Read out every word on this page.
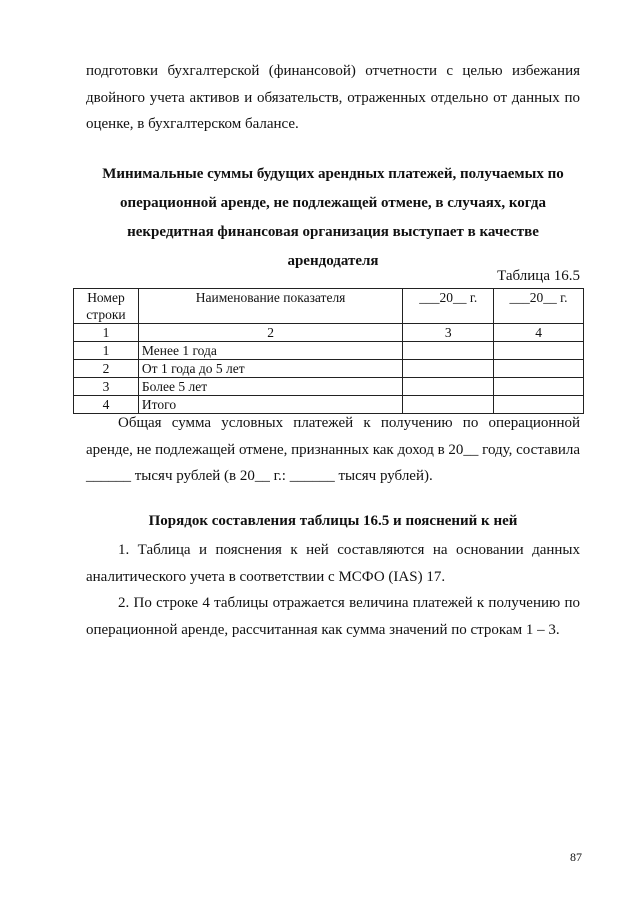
подготовки бухгалтерской (финансовой) отчетности с целью избежания двойного учета активов и обязательств, отраженных отдельно от данных по оценке, в бухгалтерском балансе.
Минимальные суммы будущих арендных платежей, получаемых по
операционной аренде, не подлежащей отмене, в случаях, когда
некредитная финансовая организация выступает в качестве
арендодателя
Таблица 16.5
Номер строки	Наименование показателя	___20__ г.	___20__ г.
1	2	3	4
1	Менее 1 года		
2	От 1 года до 5 лет		
3	Более 5 лет		
4	Итого		

Общая сумма условных платежей к получению по операционной аренде, не подлежащей отмене, признанных как доход в 20__ году, составила ______ тысяч рублей (в 20__ г.: ______ тысяч рублей).

Порядок составления таблицы 16.5 и пояснений к ней

1. Таблица и пояснения к ней составляются на основании данных аналитического учета в соответствии с МСФО (IAS) 17.

2. По строке 4 таблицы отражается величина платежей к получению по операционной аренде, рассчитанная как сумма значений по строкам 1 – 3.

87
